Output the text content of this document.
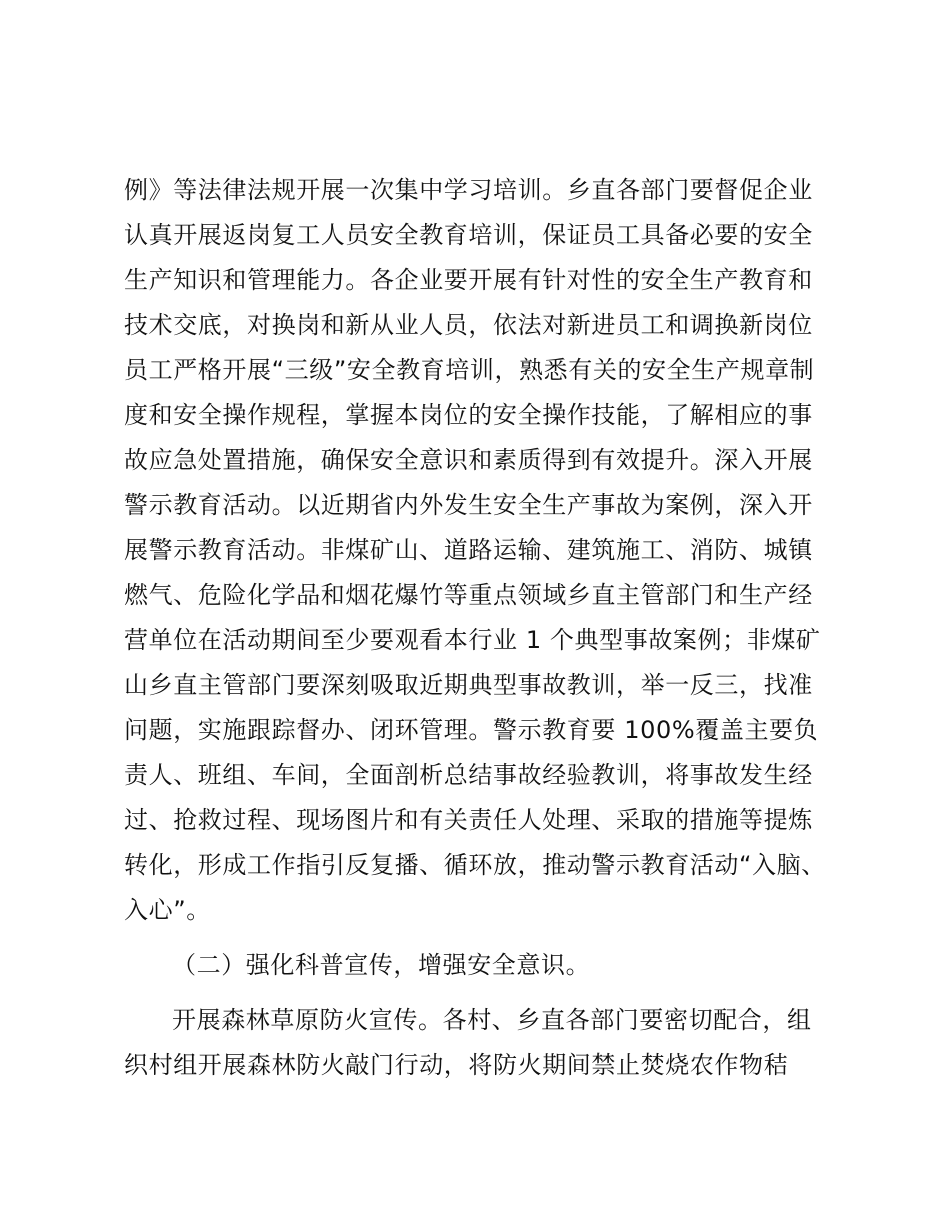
例》等法律法规开展一次集中学习培训。乡直各部门要督促企业
认真开展返岗复工人员安全教育培训，保证员工具备必要的安全
生产知识和管理能力。各企业要开展有针对性的安全生产教育和
技术交底，对换岗和新从业人员，依法对新进员工和调换新岗位
员工严格开展“三级”安全教育培训，熟悉有关的安全生产规章制
度和安全操作规程，掌握本岗位的安全操作技能，了解相应的事
故应急处置措施，确保安全意识和素质得到有效提升。深入开展
警示教育活动。以近期省内外发生安全生产事故为案例，深入开
展警示教育活动。非煤矿山、道路运输、建筑施工、消防、城镇
燃气、危险化学品和烟花爆竹等重点领域乡直主管部门和生产经
营单位在活动期间至少要观看本行业 1 个典型事故案例；非煤矿
山乡直主管部门要深刻吸取近期典型事故教训，举一反三，找准
问题，实施跟踪督办、闭环管理。警示教育要 100%覆盖主要负
责人、班组、车间，全面剖析总结事故经验教训，将事故发生经
过、抢救过程、现场图片和有关责任人处理、采取的措施等提炼
转化，形成工作指引反复播、循环放，推动警示教育活动“入脑、
入心”。
（二）强化科普宣传，增强安全意识。
开展森林草原防火宣传。各村、乡直各部门要密切配合，组
织村组开展森林防火敲门行动，将防火期间禁止焚烧农作物秸
